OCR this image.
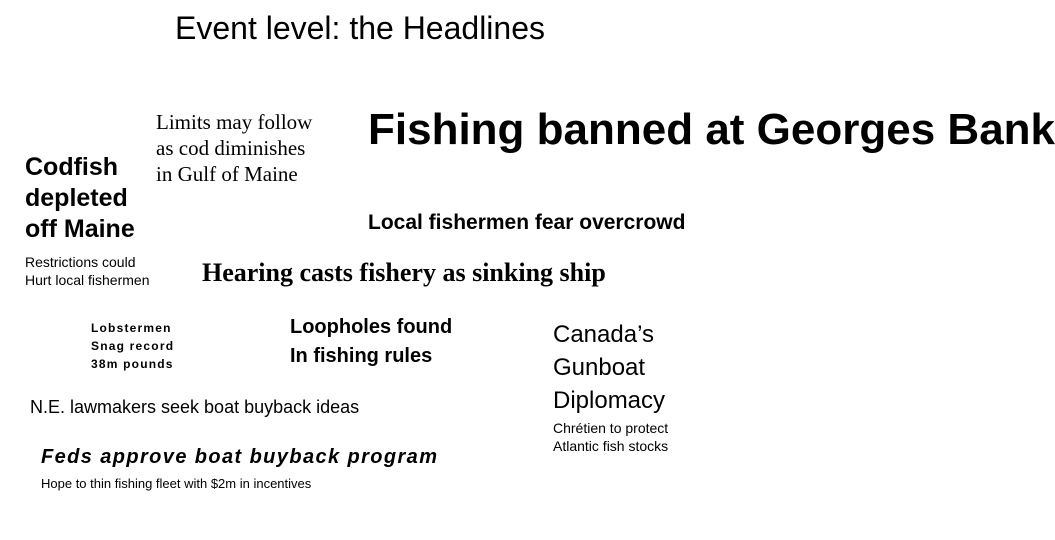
Event level: the Headlines
Limits may follow
as cod diminishes
in Gulf of Maine
Codfish
depleted
off Maine
Fishing banned at Georges Bank
Local fishermen fear overcrowd
Restrictions could
Hurt local fishermen Hearing casts fishery as sinking ship
Lobstermen
Snag record
38m pounds
Loopholes found
In fishing rules
Canada’s
Gunboat
Diplomacy
N.E. lawmakers seek boat buyback ideas
Chrétien to protect
Atlantic fish stocks
Feds approve boat buyback program
Hope to thin fishing fleet with $2m in incentives
